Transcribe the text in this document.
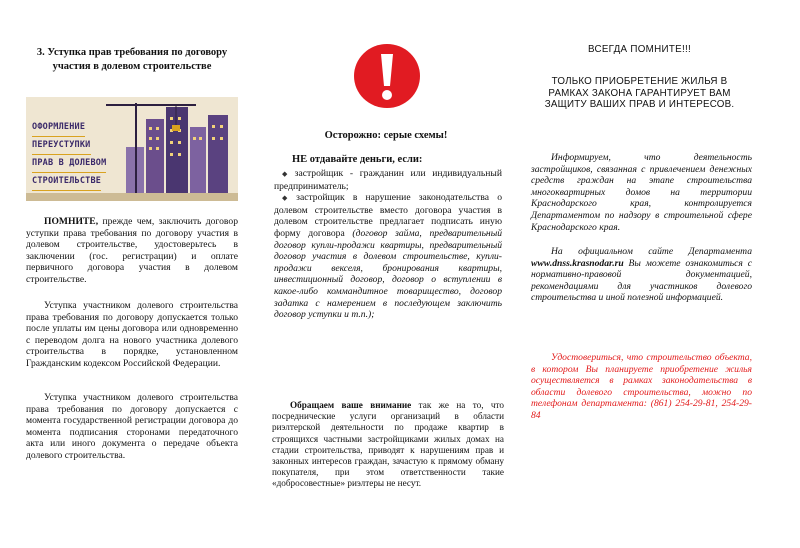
3. Уступка прав требования по договору участия в долевом строительстве
ОФОРМЛЕНИЕ
ПЕРЕУСТУПКИ
ПРАВ В ДОЛЕВОМ
СТРОИТЕЛЬСТВЕ
ПОМНИТЕ, прежде чем, заключить договор уступки права требования по договору участия в долевом строительстве, удостоверьтесь в заключении (гос. регистрации) и оплате первичного договора участия в долевом строительстве.
Уступка участником долевого строительства права требования по договору допускается только после уплаты им цены договора или одновременно с переводом долга на нового участника долевого строительства в порядке, установленном Гражданским кодексом Российской Федерации.
Уступка участником долевого строительства права требования по договору допускается с момента государственной регистрации договора до момента подписания сторонами передаточного акта или иного документа о передаче объекта долевого строительства.
Осторожно: серые схемы!
НЕ отдавайте деньги, если:
◆ застройщик - гражданин или индивидуальный предприниматель;
◆ застройщик в нарушение законодательства о долевом строительстве вместо договора участия в долевом строительстве предлагает подписать иную форму договора (договор займа, предварительный договор купли-продажи квартиры, предварительный договор участия в долевом строительстве, купли-продажи векселя, бронирования квартиры, инвестиционный договор, договор о вступлении в какое-либо коммандитное товарищество, договор задатка с намерением в последующем заключить договор уступки и т.п.);
Обращаем ваше внимание так же на то, что посреднические услуги организаций в области риэлтерской деятельности по продаже квартир в строящихся частными застройщиками жилых домах на стадии строительства, приводят к нарушениям прав и законных интересов граждан, зачастую к прямому обману покупателя, при этом ответственности такие «добросовестные» риэлтеры не несут.
ВСЕГДА ПОМНИТЕ!!!
ТОЛЬКО ПРИОБРЕТЕНИЕ ЖИЛЬЯ В РАМКАХ ЗАКОНА ГАРАНТИРУЕТ ВАМ ЗАЩИТУ ВАШИХ ПРАВ И ИНТЕРЕСОВ.
Информируем, что деятельность застройщиков, связанная с привлечением денежных средств граждан на этапе строительства многоквартирных домов на территории Краснодарского края, контролируется Департаментом по надзору в строительной сфере Краснодарского края.
На официальном сайте Департамента www.dnss.krasnodar.ru Вы можете ознакомиться с нормативно-правовой документацией, рекомендациями для участников долевого строительства и иной полезной информацией.
Удостовериться, что строительство объекта, в котором Вы планируете приобретение жилья осуществляется в рамках законодательства в области долевого строительства, можно по телефонам департамента: (861) 254-29-81, 254-29-84
